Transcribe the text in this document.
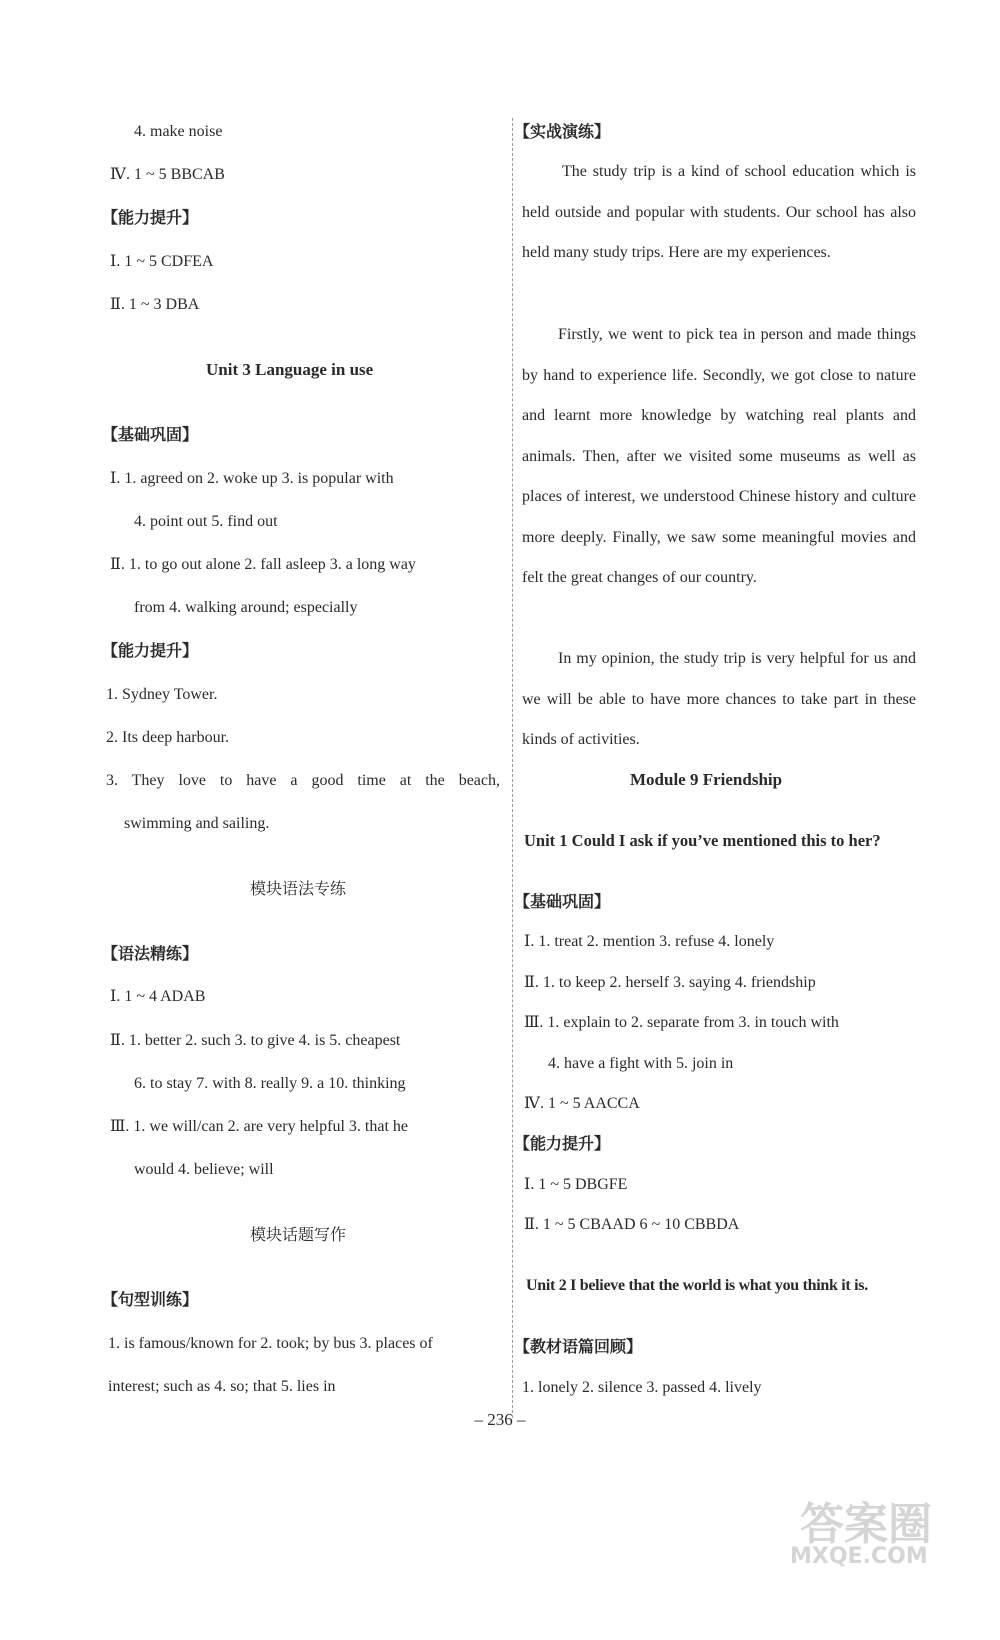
4. make noise
Ⅳ. 1 ~ 5 BBCAB
【能力提升】
Ⅰ. 1 ~ 5 CDFEA
Ⅱ. 1 ~ 3 DBA
Unit 3 Language in use
【基础巩固】
Ⅰ. 1. agreed on 2. woke up 3. is popular with
4. point out 5. find out
Ⅱ. 1. to go out alone 2. fall asleep 3. a long way
from 4. walking around; especially
【能力提升】
1. Sydney Tower.
2. Its deep harbour.
3. They love to have a good time at the beach,
swimming and sailing.
模块语法专练
【语法精练】
Ⅰ. 1 ~ 4 ADAB
Ⅱ. 1. better 2. such 3. to give 4. is 5. cheapest
6. to stay 7. with 8. really 9. a 10. thinking
Ⅲ. 1. we will/can 2. are very helpful 3. that he
would 4. believe; will
模块话题写作
【句型训练】
1. is famous/known for 2. took; by bus 3. places of
interest; such as 4. so; that 5. lies in
【实战演练】
The study trip is a kind of school education which is held outside and popular with students. Our school has also held many study trips. Here are my experiences.
Firstly, we went to pick tea in person and made things by hand to experience life. Secondly, we got close to nature and learnt more knowledge by watching real plants and animals. Then, after we visited some museums as well as places of interest, we understood Chinese history and culture more deeply. Finally, we saw some meaningful movies and felt the great changes of our country.
In my opinion, the study trip is very helpful for us and we will be able to have more chances to take part in these kinds of activities.
Module 9 Friendship
Unit 1 Could I ask if you’ve mentioned this to her?
【基础巩固】
Ⅰ. 1. treat 2. mention 3. refuse 4. lonely
Ⅱ. 1. to keep 2. herself 3. saying 4. friendship
Ⅲ. 1. explain to 2. separate from 3. in touch with
4. have a fight with 5. join in
Ⅳ. 1 ~ 5 AACCA
【能力提升】
Ⅰ. 1 ~ 5 DBGFE
Ⅱ. 1 ~ 5 CBAAD 6 ~ 10 CBBDA
Unit 2 I believe that the world is what you think it is.
【教材语篇回顾】
1. lonely 2. silence 3. passed 4. lively
– 236 –
答案圈
MXQE.COM
